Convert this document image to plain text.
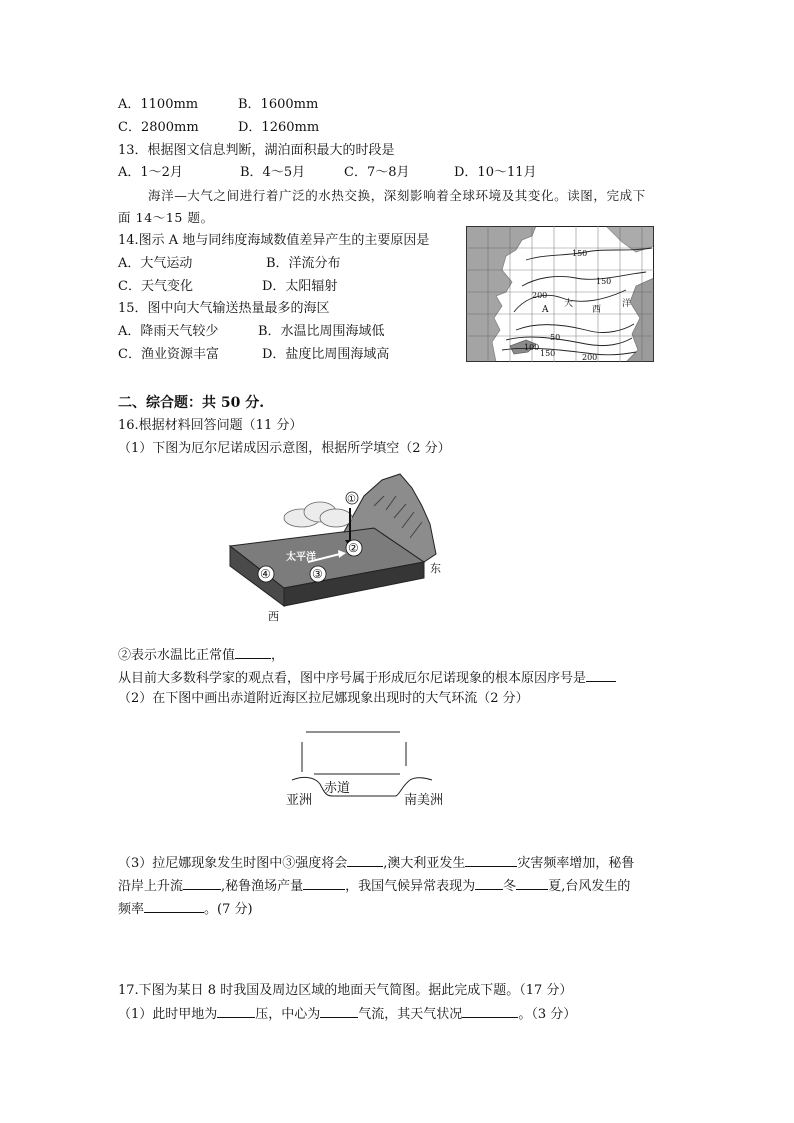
A．1100mm	B．1600mm
C．2800mm	D．1260mm
13．根据图文信息判断，湖泊面积最大的时段是
A．1～2月	B．4～5月	C．7～8月	D．10～11月
海洋—大气之间进行着广泛的水热交换，深刻影响着全球环境及其变化。读图，完成下
面 14～15 题。
14.图示 A 地与同纬度海域数值差异产生的主要原因是
A．大气运动	B．洋流分布
C．天气变化	D．太阳辐射
15．图中向大气输送热量最多的海区
A．降雨天气较少	B．水温比周围海域低
C．渔业资源丰富	D．盐度比周围海域高
150
150
200
A
大
西
洋
50
100
150	200
二、综合题：共 50 分.
16.根据材料回答问题（11 分）
（1）下图为厄尔尼诺成因示意图，根据所学填空（2 分）
太平洋
①
②
③
④	东
西
②表示水温比正常值	，
从目前大多数科学家的观点看，图中序号属于形成厄尔尼诺现象的根本原因序号是
（2）在下图中画出赤道附近海区拉尼娜现象出现时的大气环流（2 分）
亚洲
赤道
南美洲
（3）拉尼娜现象发生时图中③强度将会	,澳大利亚发生	灾害频率增加，秘鲁
沿岸上升流	,秘鲁渔场产量	，我国气候异常表现为 冬 夏,台风发生的
频率	。(7 分)
17.下图为某日 8 时我国及周边区域的地面天气简图。据此完成下题。（17 分）
（1）此时甲地为	压，中心为	气流，其天气状况	。（3 分）
